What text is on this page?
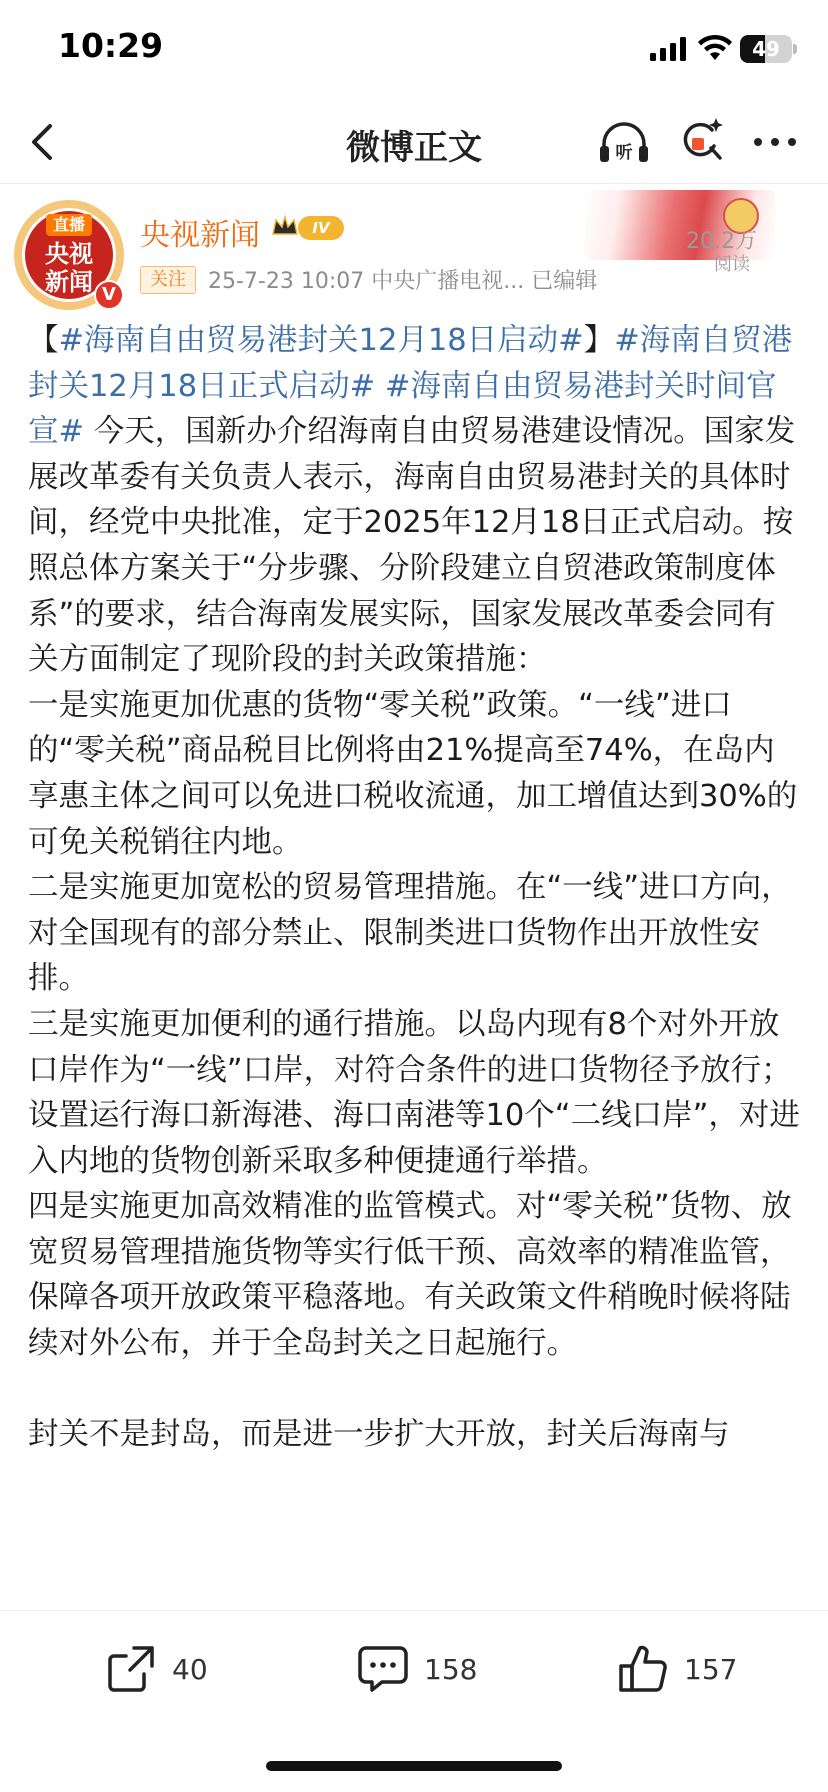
10:29	49
微博正文	听
直播
央视新闻 V
央视新闻	IV
关注	25-7-23 10:07 中央广播电视... 已编辑
20.2万
阅读

【#海南自由贸易港封关12月18日启动#】#海南自贸港封关12月18日正式启动# #海南自由贸易港封关时间官宣# 今天，国新办介绍海南自由贸易港建设情况。国家发展改革委有关负责人表示，海南自由贸易港封关的具体时间，经党中央批准，定于2025年12月18日正式启动。按照总体方案关于“分步骤、分阶段建立自贸港政策制度体系”的要求，结合海南发展实际，国家发展改革委会同有关方面制定了现阶段的封关政策措施：

一是实施更加优惠的货物“零关税”政策。“一线”进口的“零关税”商品税目比例将由21%提高至74%，在岛内享惠主体之间可以免进口税收流通，加工增值达到30%的可免关税销往内地。

二是实施更加宽松的贸易管理措施。在“一线”进口方向，对全国现有的部分禁止、限制类进口货物作出开放性安排。

三是实施更加便利的通行措施。以岛内现有8个对外开放口岸作为“一线”口岸，对符合条件的进口货物径予放行；设置运行海口新海港、海口南港等10个“二线口岸”，对进入内地的货物创新采取多种便捷通行举措。

四是实施更加高效精准的监管模式。对“零关税”货物、放宽贸易管理措施货物等实行低干预、高效率的精准监管，保障各项开放政策平稳落地。有关政策文件稍晚时候将陆续对外公布，并于全岛封关之日起施行。

封关不是封岛，而是进一步扩大开放，封关后海南与

40	158	157
